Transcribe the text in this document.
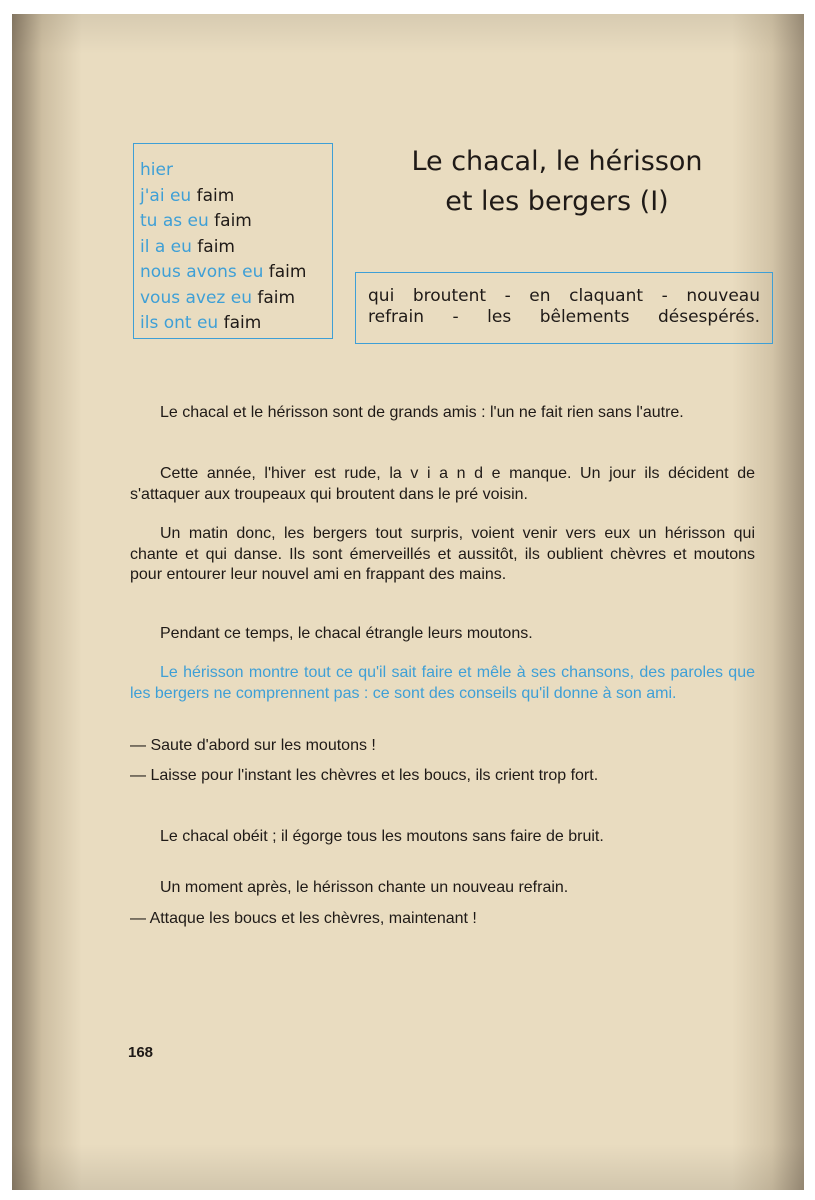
hier
j'ai eu faim
tu as eu faim
il a eu faim
nous avons eu faim
vous avez eu faim
ils ont eu faim
Le chacal, le hérisson
et les bergers (I)
qui broutent - en claquant - nouveau
refrain - les bêlements désespérés.
Le chacal et le hérisson sont de grands amis : l'un ne fait rien sans l'autre.
Cette année, l'hiver est rude, la v i a n d e manque. Un jour ils décident de s'attaquer aux troupeaux qui broutent dans le pré voisin.
Un matin donc, les bergers tout surpris, voient venir vers eux un hérisson qui chante et qui danse. Ils sont émerveillés et aussitôt, ils oublient chèvres et moutons pour entourer leur nouvel ami en frappant des mains.
Pendant ce temps, le chacal étrangle leurs moutons.
Le hérisson montre tout ce qu'il sait faire et mêle à ses chansons, des paroles que les bergers ne comprennent pas : ce sont des conseils qu'il donne à son ami.
— Saute d'abord sur les moutons !
— Laisse pour l'instant les chèvres et les boucs, ils crient trop fort.
Le chacal obéit ; il égorge tous les moutons sans faire de bruit.
Un moment après, le hérisson chante un nouveau refrain.
— Attaque les boucs et les chèvres, maintenant !
168
